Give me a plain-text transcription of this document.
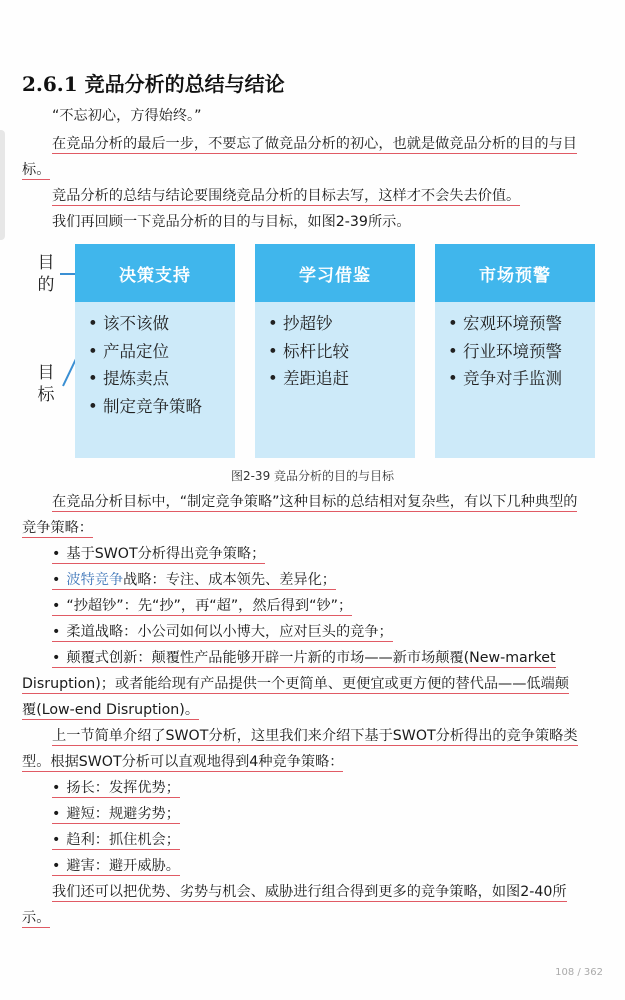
2.6.1 竞品分析的总结与结论
“不忘初心，方得始终。”
在竞品分析的最后一步，不要忘了做竞品分析的初心，也就是做竞品分析的目的与目
标。
竞品分析的总结与结论要围绕竞品分析的目标去写，这样才不会失去价值。
我们再回顾一下竞品分析的目的与目标，如图2-39所示。
目
的
目
标
决策支持
• 该不该做
• 产品定位
• 提炼卖点
• 制定竞争策略
学习借鉴
• 抄超钞
• 标杆比较
• 差距追赶
市场预警
• 宏观环境预警
• 行业环境预警
• 竞争对手监测
图2-39 竞品分析的目的与目标
在竞品分析目标中，“制定竞争策略”这种目标的总结相对复杂些，有以下几种典型的
竞争策略：
• 基于SWOT分析得出竞争策略；
• 波特竞争战略：专注、成本领先、差异化；
• “抄超钞”：先“抄”，再“超”，然后得到“钞”；
• 柔道战略：小公司如何以小博大，应对巨头的竞争；
• 颠覆式创新：颠覆性产品能够开辟一片新的市场——新市场颠覆(New-market
Disruption)；或者能给现有产品提供一个更简单、更便宜或更方便的替代品——低端颠
覆(Low-end Disruption)。
上一节简单介绍了SWOT分析，这里我们来介绍下基于SWOT分析得出的竞争策略类
型。根据SWOT分析可以直观地得到4种竞争策略：
• 扬长：发挥优势；
• 避短：规避劣势；
• 趋利：抓住机会；
• 避害：避开威胁。
我们还可以把优势、劣势与机会、威胁进行组合得到更多的竞争策略，如图2-40所
示。
108 / 362
